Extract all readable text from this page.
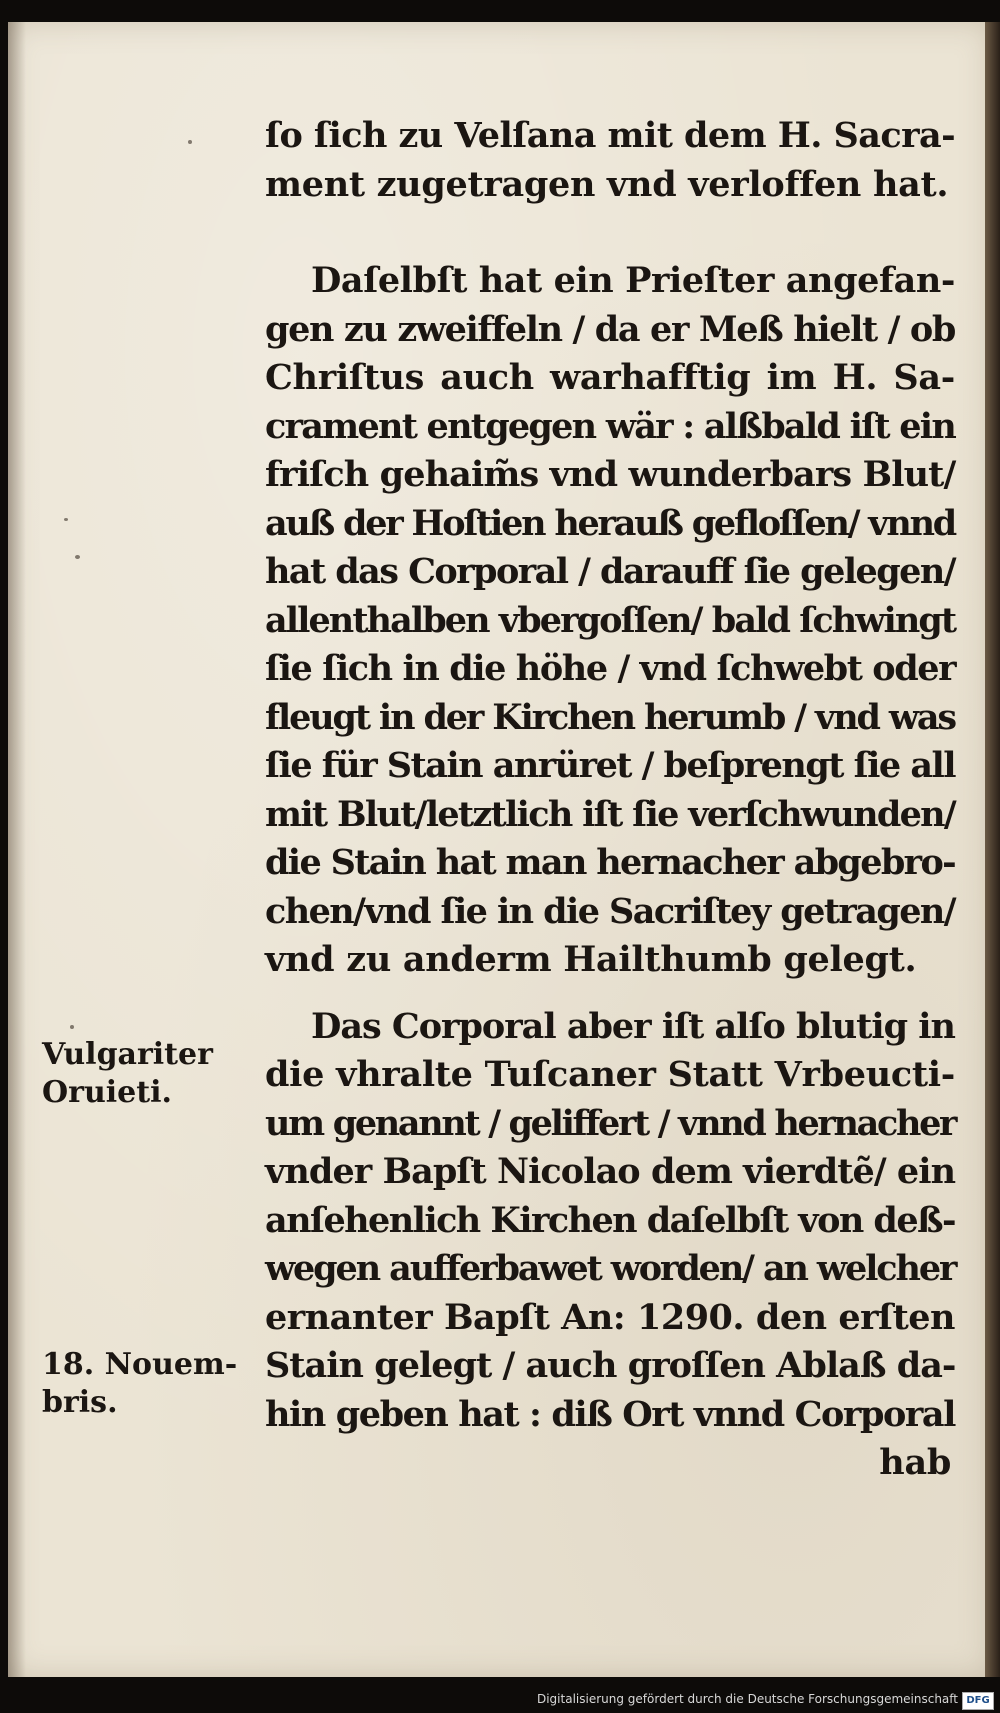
ſo ſich zu Velſana mit dem H. Sacra-
ment zugetragen vnd verloffen hat.
Daſelbſt hat ein Prieſter angefan-
gen zu zweiffeln / da er Meß hielt / ob
Chriſtus auch warhafftig im H. Sa-
crament entgegen wär : alßbald iſt ein
friſch gehaim̃s vnd wunderbars Blut/
auß der Hoſtien herauß gefloſſen/ vnnd
hat das Corporal / darauff ſie gelegen/
allenthalben vbergoſſen/ bald ſchwingt
ſie ſich in die höhe / vnd ſchwebt oder
fleugt in der Kirchen herumb / vnd was
ſie für Stain anrüret / beſprengt ſie all
mit Blut/letztlich iſt ſie verſchwunden/
die Stain hat man hernacher abgebro-
chen/vnd ſie in die Sacriſtey getragen/
vnd zu anderm Hailthumb gelegt.
Das Corporal aber iſt alſo blutig in
die vhralte Tuſcaner Statt Vrbeucti-
um genannt / geliffert / vnnd hernacher
vnder Bapſt Nicolao dem vierdtẽ/ ein
anſehenlich Kirchen daſelbſt von deß-
wegen aufferbawet worden/ an welcher
ernanter Bapſt An: 1290. den erſten
Stain gelegt / auch groſſen Ablaß da-
hin geben hat : diß Ort vnnd Corporal
hab
Vulgariter
Oruieti.
18. Nouem-
bris.
Digitalisierung gefördert durch die Deutsche Forschungsgemeinschaft DFG
